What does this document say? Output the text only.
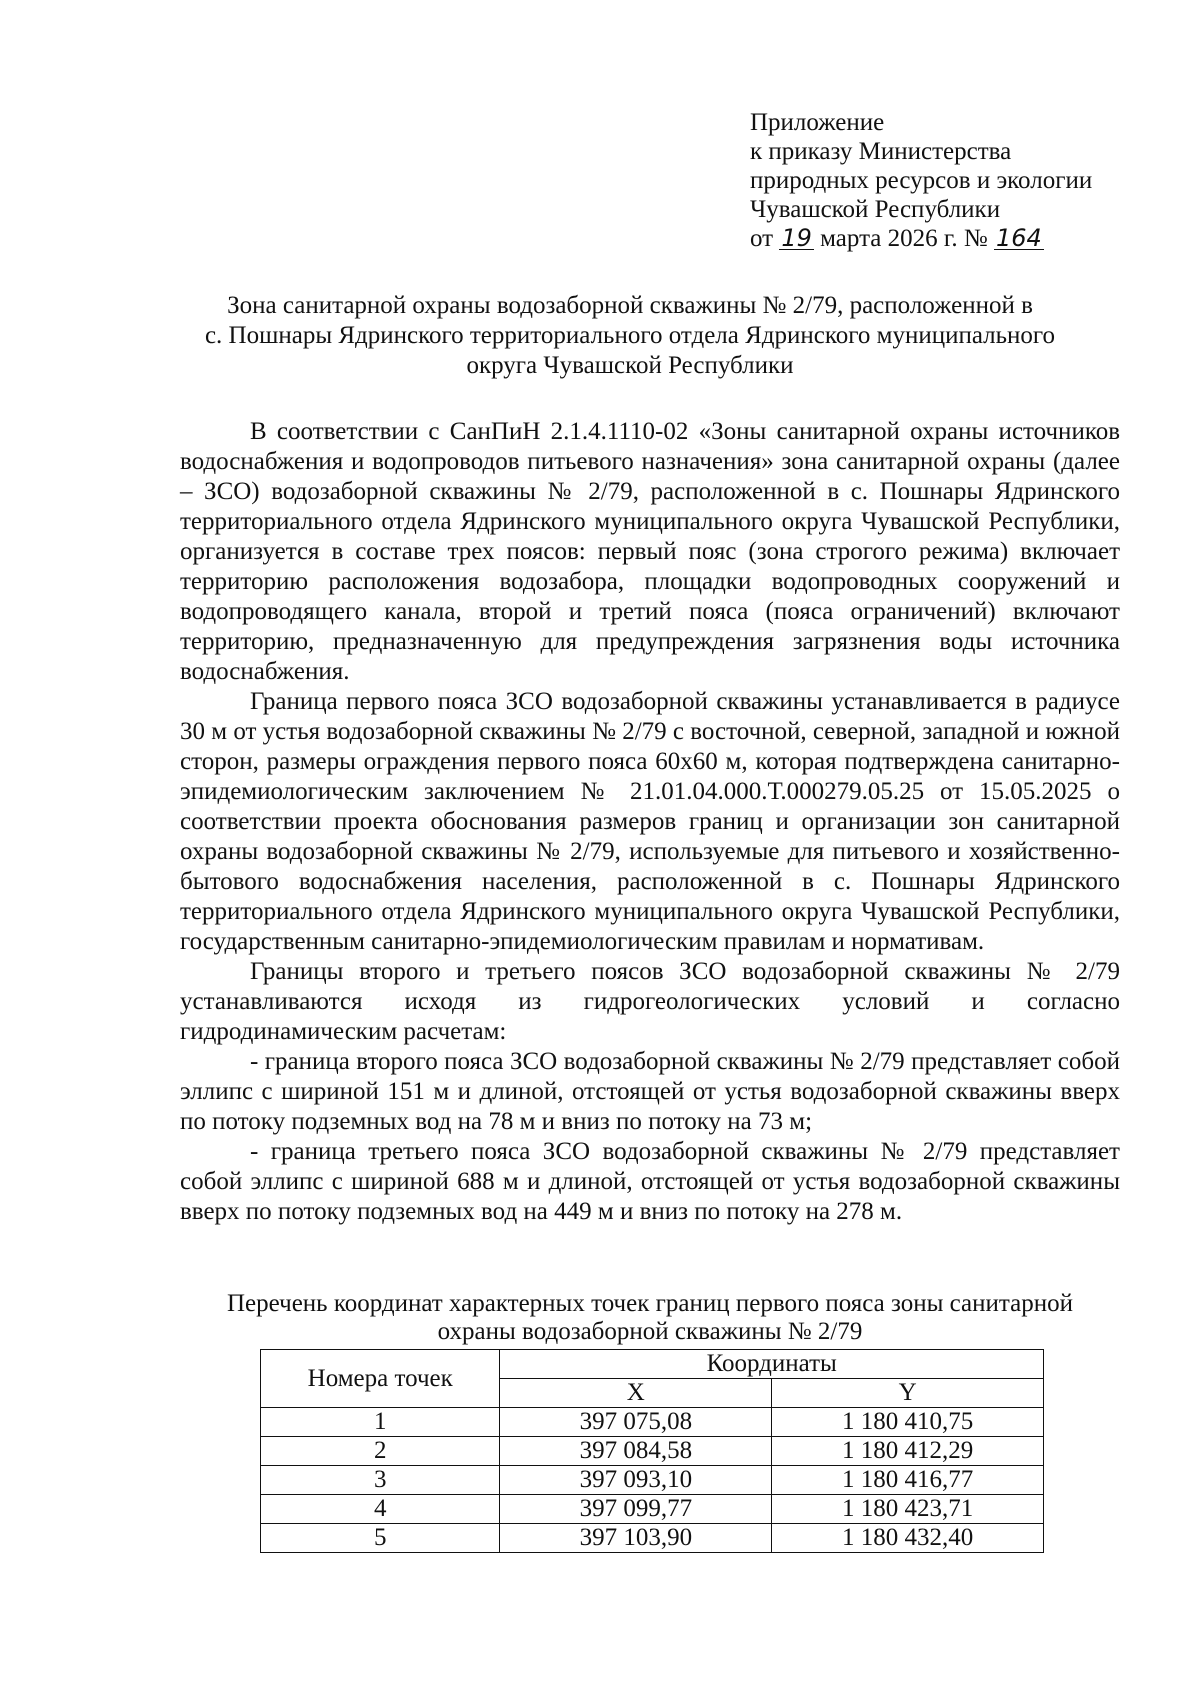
Приложение
к приказу Министерства
природных ресурсов и экологии
Чувашской Республики
от 19 марта 2026 г. № 164
Зона санитарной охраны водозаборной скважины № 2/79, расположенной в
с. Пошнары Ядринского территориального отдела Ядринского муниципального
округа Чувашской Республики

В соответствии с СанПиН 2.1.4.1110-02 «Зоны санитарной охраны источников водоснабжения и водопроводов питьевого назначения» зона санитарной охраны (далее – ЗСО) водозаборной скважины № 2/79, расположенной в с. Пошнары Ядринского территориального отдела Ядринского муниципального округа Чувашской Республики, организуется в составе трех поясов: первый пояс (зона строгого режима) включает территорию расположения водозабора, площадки водопроводных сооружений и водопроводящего канала, второй и третий пояса (пояса ограничений) включают территорию, предназначенную для предупреждения загрязнения воды источника водоснабжения.

Граница первого пояса ЗСО водозаборной скважины устанавливается в радиусе 30 м от устья водозаборной скважины № 2/79 с восточной, северной, западной и южной сторон, размеры ограждения первого пояса 60х60 м, которая подтверждена санитарно-эпидемиологическим заключением № 21.01.04.000.Т.000279.05.25 от 15.05.2025 о соответствии проекта обоснования размеров границ и организации зон санитарной охраны водозаборной скважины № 2/79, используемые для питьевого и хозяйственно-бытового водоснабжения населения, расположенной в с. Пошнары Ядринского территориального отдела Ядринского муниципального округа Чувашской Республики, государственным санитарно-эпидемиологическим правилам и нормативам.

Границы второго и третьего поясов ЗСО водозаборной скважины № 2/79 устанавливаются исходя из гидрогеологических условий и согласно гидродинамическим расчетам:

- граница второго пояса ЗСО водозаборной скважины № 2/79 представляет собой эллипс с шириной 151 м и длиной, отстоящей от устья водозаборной скважины вверх по потоку подземных вод на 78 м и вниз по потоку на 73 м;

- граница третьего пояса ЗСО водозаборной скважины № 2/79 представляет собой эллипс с шириной 688 м и длиной, отстоящей от устья водозаборной скважины вверх по потоку подземных вод на 449 м и вниз по потоку на 278 м.

Перечень координат характерных точек границ первого пояса зоны санитарной
охраны водозаборной скважины № 2/79
Номера точек	Координаты	
	X	Y
1	397 075,08	1 180 410,75
2	397 084,58	1 180 412,29
3	397 093,10	1 180 416,77
4	397 099,77	1 180 423,71
5	397 103,90	1 180 432,40
